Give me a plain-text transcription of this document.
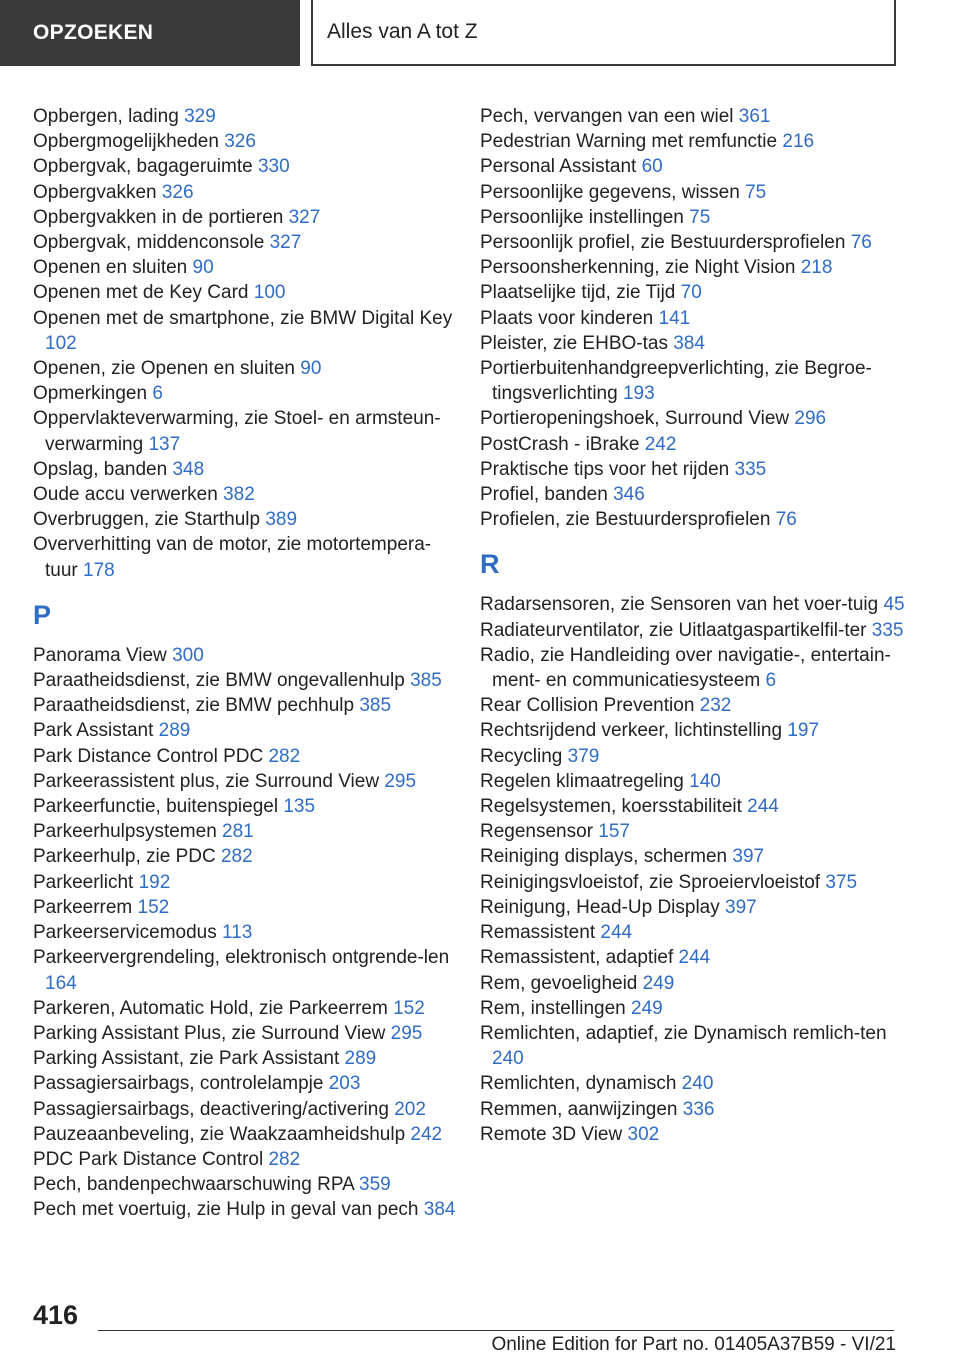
OPZOEKEN	Alles van A tot Z
Opbergen, lading 329
Opbergmogelijkheden 326
Opbergvak, bagageruimte 330
Opbergvakken 326
Opbergvakken in de portieren 327
Opbergvak, middenconsole 327
Openen en sluiten 90
Openen met de Key Card 100
Openen met de smartphone, zie BMW Digital Key 102
Openen, zie Openen en sluiten 90
Opmerkingen 6
Oppervlakteverwarming, zie Stoel- en armsteun-verwarming 137
Opslag, banden 348
Oude accu verwerken 382
Overbruggen, zie Starthulp 389
Oververhitting van de motor, zie motortempera-tuur 178
P
Panorama View 300
Paraatheidsdienst, zie BMW ongevallenhulp 385
Paraatheidsdienst, zie BMW pechhulp 385
Park Assistant 289
Park Distance Control PDC 282
Parkeerassistent plus, zie Surround View 295
Parkeerfunctie, buitenspiegel 135
Parkeerhulpsystemen 281
Parkeerhulp, zie PDC 282
Parkeerlicht 192
Parkeerrem 152
Parkeerservicemodus 113
Parkeervergrendeling, elektronisch ontgrende-len 164
Parkeren, Automatic Hold, zie Parkeerrem 152
Parking Assistant Plus, zie Surround View 295
Parking Assistant, zie Park Assistant 289
Passagiersairbags, controlelampje 203
Passagiersairbags, deactivering/activering 202
Pauzeaanbeveling, zie Waakzaamheidshulp 242
PDC Park Distance Control 282
Pech, bandenpechwaarschuwing RPA 359
Pech met voertuig, zie Hulp in geval van pech 384
Pech, vervangen van een wiel 361
Pedestrian Warning met remfunctie 216
Personal Assistant 60
Persoonlijke gegevens, wissen 75
Persoonlijke instellingen 75
Persoonlijk profiel, zie Bestuurdersprofielen 76
Persoonsherkenning, zie Night Vision 218
Plaatselijke tijd, zie Tijd 70
Plaats voor kinderen 141
Pleister, zie EHBO-tas 384
Portierbuitenhandgreepverlichting, zie Begroe-tingsverlichting 193
Portieropeningshoek, Surround View 296
PostCrash - iBrake 242
Praktische tips voor het rijden 335
Profiel, banden 346
Profielen, zie Bestuurdersprofielen 76
R
Radarsensoren, zie Sensoren van het voer-tuig 45
Radiateurventilator, zie Uitlaatgaspartikelfil-ter 335
Radio, zie Handleiding over navigatie-, entertain-ment- en communicatiesysteem 6
Rear Collision Prevention 232
Rechtsrijdend verkeer, lichtinstelling 197
Recycling 379
Regelen klimaatregeling 140
Regelsystemen, koersstabiliteit 244
Regensensor 157
Reiniging displays, schermen 397
Reinigingsvloeistof, zie Sproeiervloeistof 375
Reinigung, Head-Up Display 397
Remassistent 244
Remassistent, adaptief 244
Rem, gevoeligheid 249
Rem, instellingen 249
Remlichten, adaptief, zie Dynamisch remlich-ten 240
Remlichten, dynamisch 240
Remmen, aanwijzingen 336
Remote 3D View 302
416
Online Edition for Part no. 01405A37B59 - VI/21
